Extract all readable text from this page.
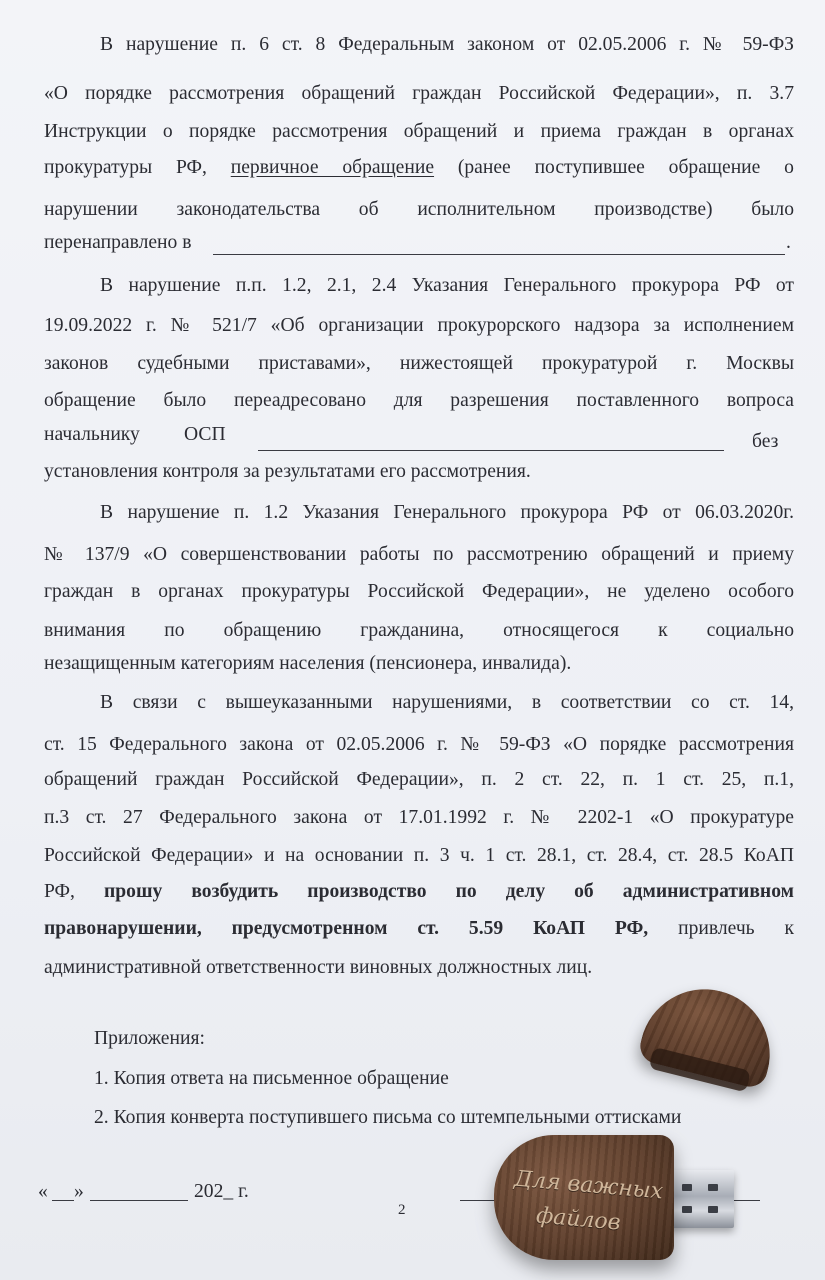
В нарушение п. 6 ст. 8 Федеральным законом от 02.05.2006 г. № 59-ФЗ
«О порядке рассмотрения обращений граждан Российской Федерации», п. 3.7
Инструкции о порядке рассмотрения обращений и приема граждан в органах
прокуратуры РФ, первичное обращение (ранее поступившее обращение о
нарушении законодательства об исполнительном производстве) было
перенаправлено в	.
В нарушение п.п. 1.2, 2.1, 2.4 Указания Генерального прокурора РФ от
19.09.2022 г. № 521/7 «Об организации прокурорского надзора за исполнением
законов судебными приставами», нижестоящей прокуратурой г. Москвы
обращение было переадресовано для разрешения поставленного вопроса
начальнику ОСП	без
установления контроля за результатами его рассмотрения.
В нарушение п. 1.2 Указания Генерального прокурора РФ от 06.03.2020г.
№ 137/9 «О совершенствовании работы по рассмотрению обращений и приему
граждан в органах прокуратуры Российской Федерации», не уделено особого
внимания по обращению гражданина, относящегося к социально
незащищенным категориям населения (пенсионера, инвалида).
В связи с вышеуказанными нарушениями, в соответствии со ст. 14,
ст. 15 Федерального закона от 02.05.2006 г. № 59-ФЗ «О порядке рассмотрения
обращений граждан Российской Федерации», п. 2 ст. 22, п. 1 ст. 25, п.1,
п.3 ст. 27 Федерального закона от 17.01.1992 г. № 2202-1 «О прокуратуре
Российской Федерации» и на основании п. 3 ч. 1 ст. 28.1, ст. 28.4, ст. 28.5 КоАП
РФ, прошу возбудить производство по делу об административном
правонарушении, предусмотренном ст. 5.59 КоАП РФ, привлечь к
административной ответственности виновных должностных лиц.
Приложения:
1. Копия ответа на письменное обращение
2. Копия конверта поступившего письма со штемпельными оттисками
« »	202_ г.
2
Для важных
файлов
